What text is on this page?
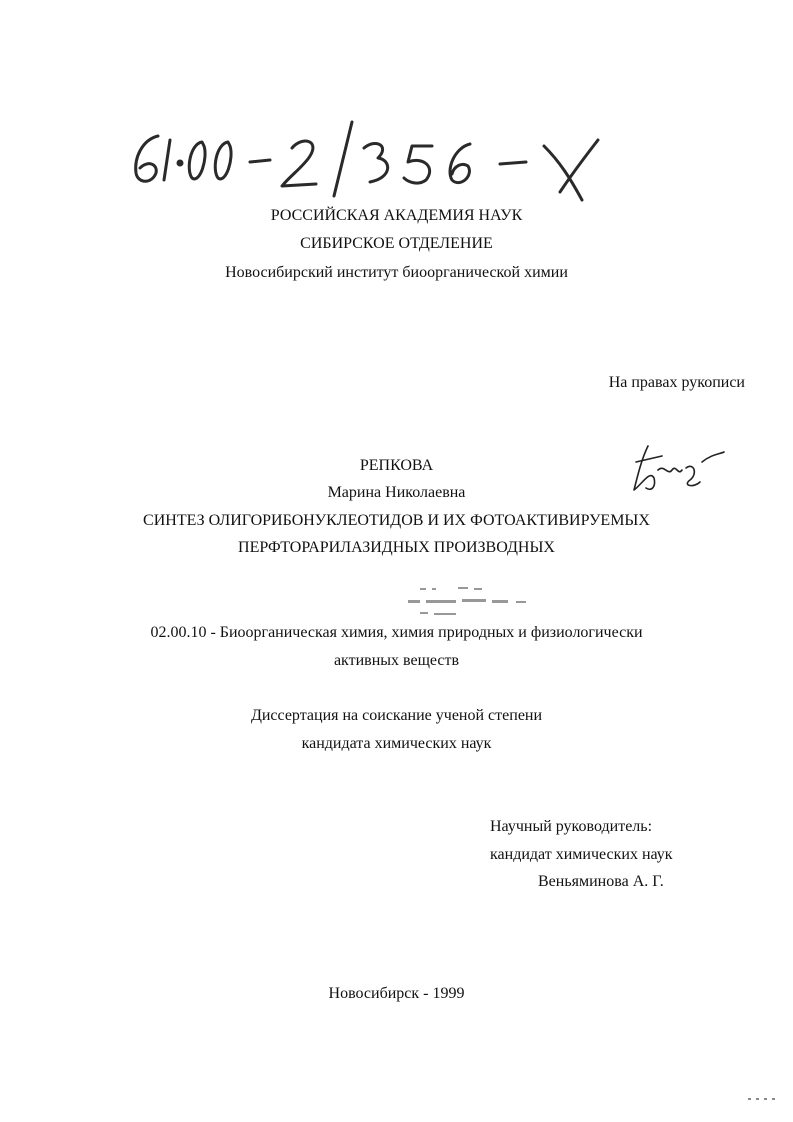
РОССИЙСКАЯ АКАДЕМИЯ НАУК
СИБИРСКОЕ ОТДЕЛЕНИЕ
Новосибирский институт биоорганической химии
На правах рукописи
РЕПКОВА
Марина Николаевна
СИНТЕЗ ОЛИГОРИБОНУКЛЕОТИДОВ И ИХ ФОТОАКТИВИРУЕМЫХ
ПЕРФТОРАРИЛАЗИДНЫХ ПРОИЗВОДНЫХ
02.00.10 - Биоорганическая химия, химия природных и физиологически
активных веществ
Диссертация на соискание ученой степени
кандидата химических наук
Научный руководитель:
кандидат химических наук
Веньяминова А. Г.
Новосибирск - 1999
